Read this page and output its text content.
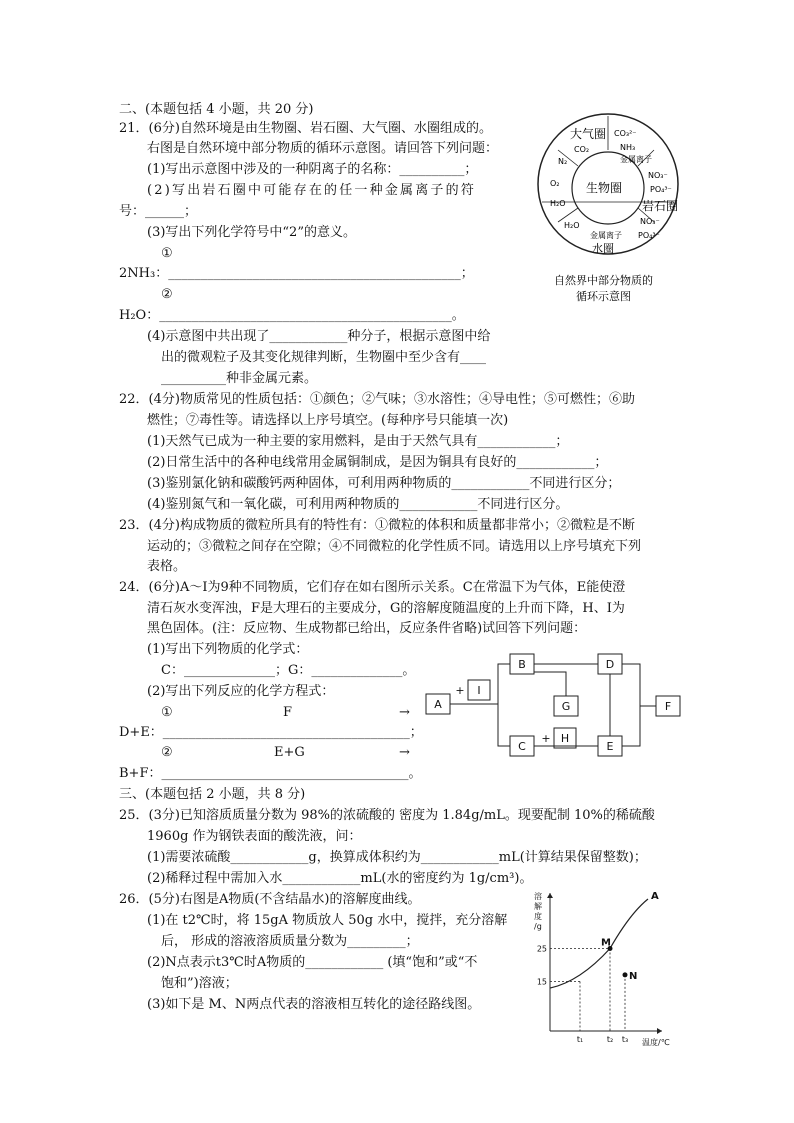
二、(本题包括 4 小题，共 20 分)
21．(6分)自然环境是由生物圈、岩石圈、大气圈、水圈组成的。
右图是自然环境中部分物质的循环示意图。请回答下列问题：
(1)写出示意图中涉及的一种阴离子的名称：__________；
(2)写出岩石圈中可能存在的任一种金属离子的符
号：______；
(3)写出下列化学符号中“2”的意义。
①
2NH₃：_____________________________________________；
②
H₂O：_____________________________________________。
(4)示意图中共出现了____________种分子，根据示意图中给
出的微观粒子及其变化规律判断，生物圈中至少含有____
__________种非金属元素。
大气圈
CO₂
CO₃²⁻
NH₃
N₂	金属离子
O₂ 生物圈
NO₃⁻
PO₄³⁻
H₂O	岩石圈
H₂O
金属离子
NO₃⁻
PO₄³⁻
水圈
自然界中部分物质的
循环示意图
22．(4分)物质常见的性质包括：①颜色；②气味；③水溶性；④导电性；⑤可燃性；⑥助
燃性；⑦毒性等。请选择以上序号填空。(每种序号只能填一次)
(1)天然气已成为一种主要的家用燃料，是由于天然气具有____________；
(2)日常生活中的各种电线常用金属铜制成，是因为铜具有良好的____________；
(3)鉴别氯化钠和碳酸钙两种固体，可利用两种物质的____________不同进行区分；
(4)鉴别氮气和一氧化碳，可利用两种物质的____________不同进行区分。
23．(4分)构成物质的微粒所具有的特性有：①微粒的体积和质量都非常小；②微粒是不断
运动的；③微粒之间存在空隙；④不同微粒的化学性质不同。请选用以上序号填充下列
表格。
24．(6分)A～I为9种不同物质，它们存在如右图所示关系。C在常温下为气体，E能使澄
清石灰水变浑浊，F是大理石的主要成分，G的溶解度随温度的上升而下降，H、I为
黑色固体。(注：反应物、生成物都已给出，反应条件省略)试回答下列问题：
(1)写出下列物质的化学式：
C：______________；G：______________。
(2)写出下列反应的化学方程式：
①	F	→
D+E：______________________________________；
②	E+G	→
B+F：______________________________________。
A
+ I
B
G
D
F
C
+ H
E
三、(本题包括 2 小题，共 8 分)
25．(3分)已知溶质质量分数为 98%的浓硫酸的 密度为 1.84g/mL。现要配制 10%的稀硫酸
1960g 作为钢铁表面的酸洗液，问：
(1)需要浓硫酸____________g，换算成体积约为____________mL(计算结果保留整数)；
(2)稀释过程中需加入水____________mL(水的密度约为 1g/cm³)。
26．(5分)右图是A物质(不含结晶水)的溶解度曲线。
(1)在 t2℃时，将 15gA 物质放人 50g 水中，搅拌，充分溶解
后， 形成的溶液溶质质量分数为_________；
(2)N点表示t3℃时A物质的____________ (填“饱和”或“不
饱和”)溶液；
(3)如下是 M、N两点代表的溶液相互转化的途径路线图。
溶解度/g
温度/℃
15
25
t₁	t₂ t₃
A
M
N
